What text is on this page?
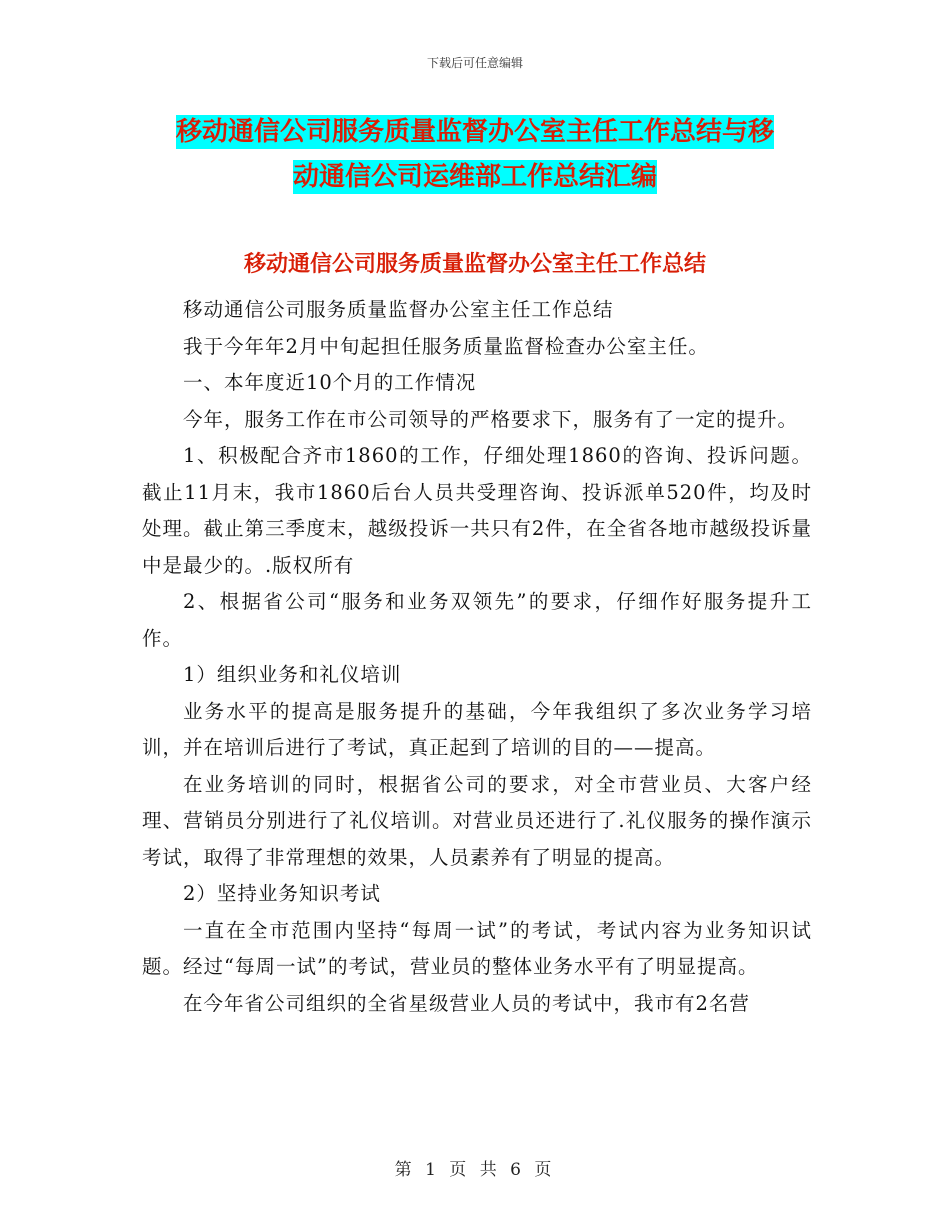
下载后可任意编辑
移动通信公司服务质量监督办公室主任工作总结与移
动通信公司运维部工作总结汇编
移动通信公司服务质量监督办公室主任工作总结

移动通信公司服务质量监督办公室主任工作总结

我于今年年2月中旬起担任服务质量监督检查办公室主任。

一、本年度近10个月的工作情况

今年，服务工作在市公司领导的严格要求下，服务有了一定的提升。

1、积极配合齐市1860的工作，仔细处理1860的咨询、投诉问题。截止11月末，我市1860后台人员共受理咨询、投诉派单520件，均及时处理。截止第三季度末，越级投诉一共只有2件，在全省各地市越级投诉量中是最少的。.版权所有

2、根据省公司“服务和业务双领先”的要求，仔细作好服务提升工作。

1）组织业务和礼仪培训

业务水平的提高是服务提升的基础，今年我组织了多次业务学习培训，并在培训后进行了考试，真正起到了培训的目的——提高。

在业务培训的同时，根据省公司的要求，对全市营业员、大客户经理、营销员分别进行了礼仪培训。对营业员还进行了.礼仪服务的操作演示考试，取得了非常理想的效果，人员素养有了明显的提高。

2）坚持业务知识考试

一直在全市范围内坚持“每周一试”的考试，考试内容为业务知识试题。经过“每周一试”的考试，营业员的整体业务水平有了明显提高。

在今年省公司组织的全省星级营业人员的考试中，我市有2名营

第 1 页 共 6 页
